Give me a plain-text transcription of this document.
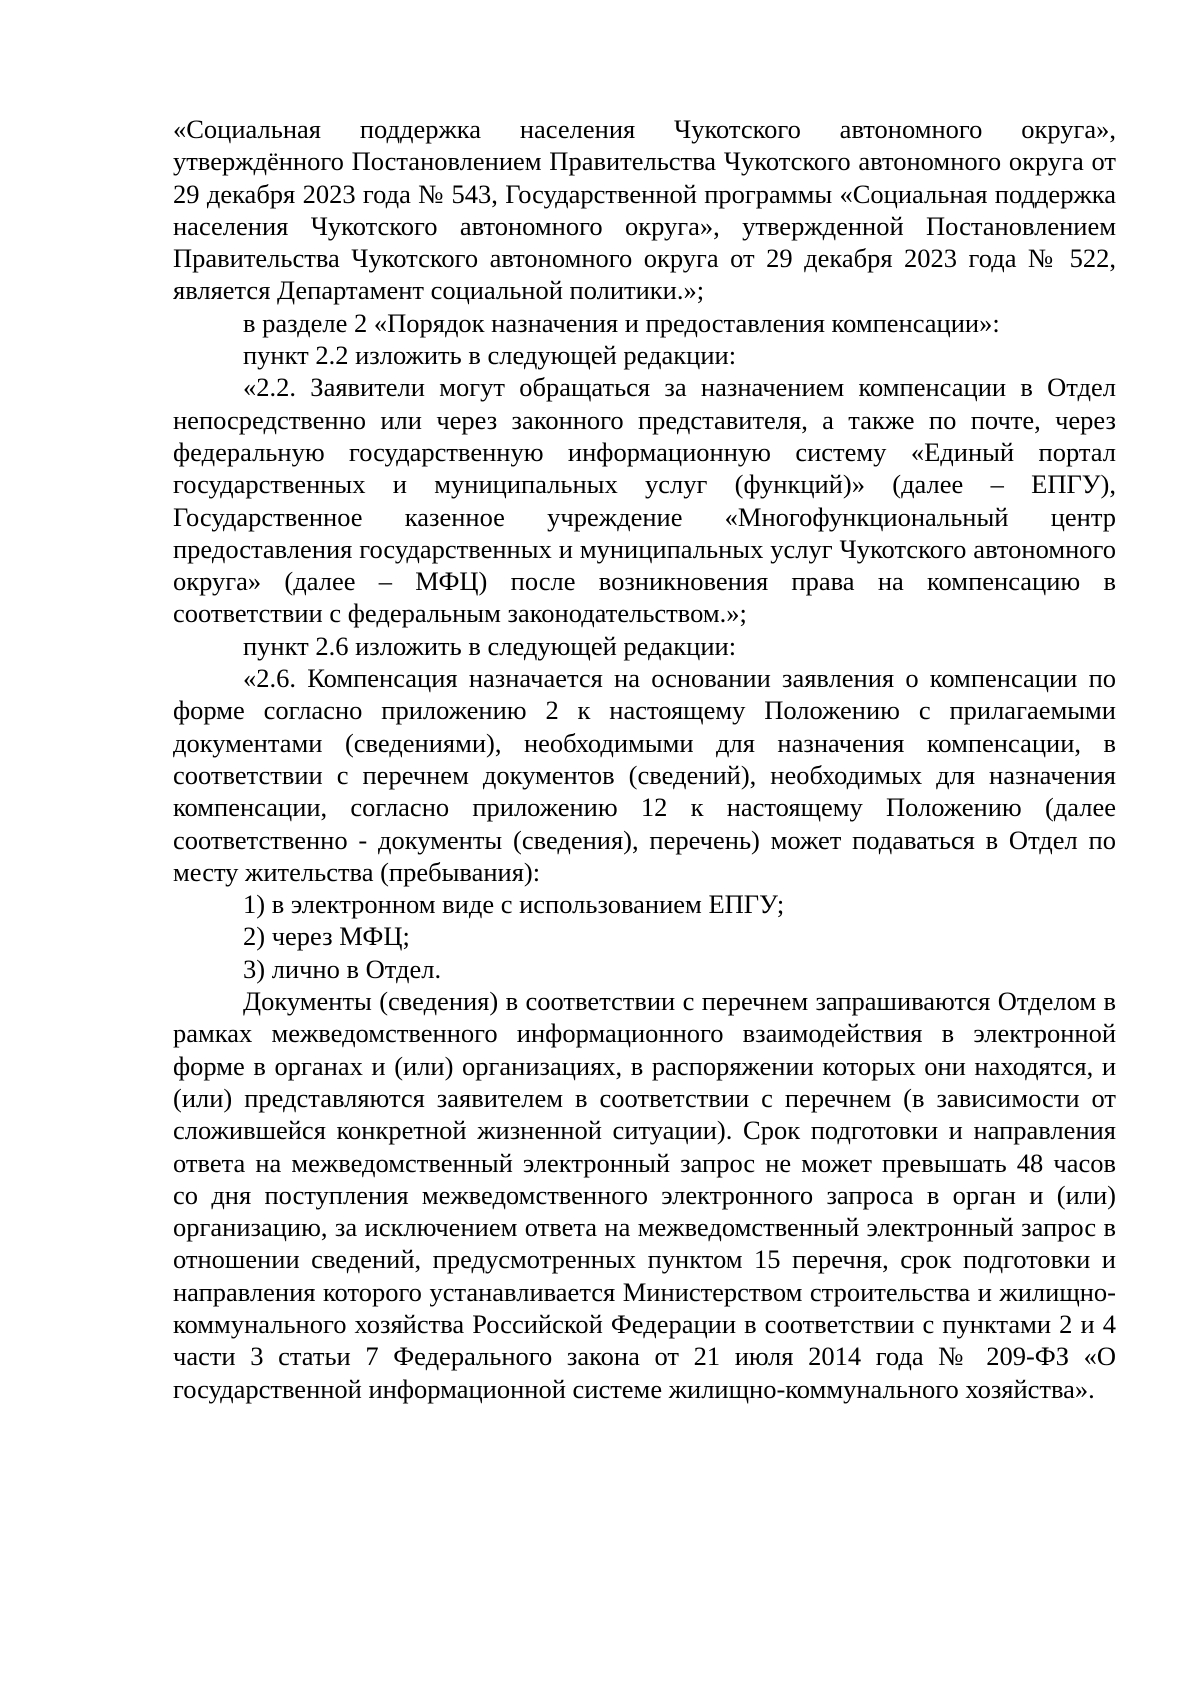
«Социальная поддержка населения Чукотского автономного округа», утверждённого Постановлением Правительства Чукотского автономного округа от 29 декабря 2023 года № 543, Государственной программы «Социальная поддержка населения Чукотского автономного округа», утвержденной Постановлением Правительства Чукотского автономного округа от 29 декабря 2023 года № 522, является Департамент социальной политики.»;

в разделе 2 «Порядок назначения и предоставления компенсации»:

пункт 2.2 изложить в следующей редакции:

«2.2. Заявители могут обращаться за назначением компенсации в Отдел непосредственно или через законного представителя, а также по почте, через федеральную государственную информационную систему «Единый портал государственных и муниципальных услуг (функций)» (далее – ЕПГУ), Государственное казенное учреждение «Многофункциональный центр предоставления государственных и муниципальных услуг Чукотского автономного округа» (далее – МФЦ) после возникновения права на компенсацию в соответствии с федеральным законодательством.»;

пункт 2.6 изложить в следующей редакции:

«2.6. Компенсация назначается на основании заявления о компенсации по форме согласно приложению 2 к настоящему Положению с прилагаемыми документами (сведениями), необходимыми для назначения компенсации, в соответствии с перечнем документов (сведений), необходимых для назначения компенсации, согласно приложению 12 к настоящему Положению (далее соответственно - документы (сведения), перечень) может подаваться в Отдел по месту жительства (пребывания):

1) в электронном виде с использованием ЕПГУ;

2) через МФЦ;

3) лично в Отдел.

Документы (сведения) в соответствии с перечнем запрашиваются Отделом в рамках межведомственного информационного взаимодействия в электронной форме в органах и (или) организациях, в распоряжении которых они находятся, и (или) представляются заявителем в соответствии с перечнем (в зависимости от сложившейся конкретной жизненной ситуации). Срок подготовки и направления ответа на межведомственный электронный запрос не может превышать 48 часов со дня поступления межведомственного электронного запроса в орган и (или) организацию, за исключением ответа на межведомственный электронный запрос в отношении сведений, предусмотренных пунктом 15 перечня, срок подготовки и направления которого устанавливается Министерством строительства и жилищно-коммунального хозяйства Российской Федерации в соответствии с пунктами 2 и 4 части 3 статьи 7 Федерального закона от 21 июля 2014 года № 209-ФЗ «О государственной информационной системе жилищно-коммунального хозяйства».
